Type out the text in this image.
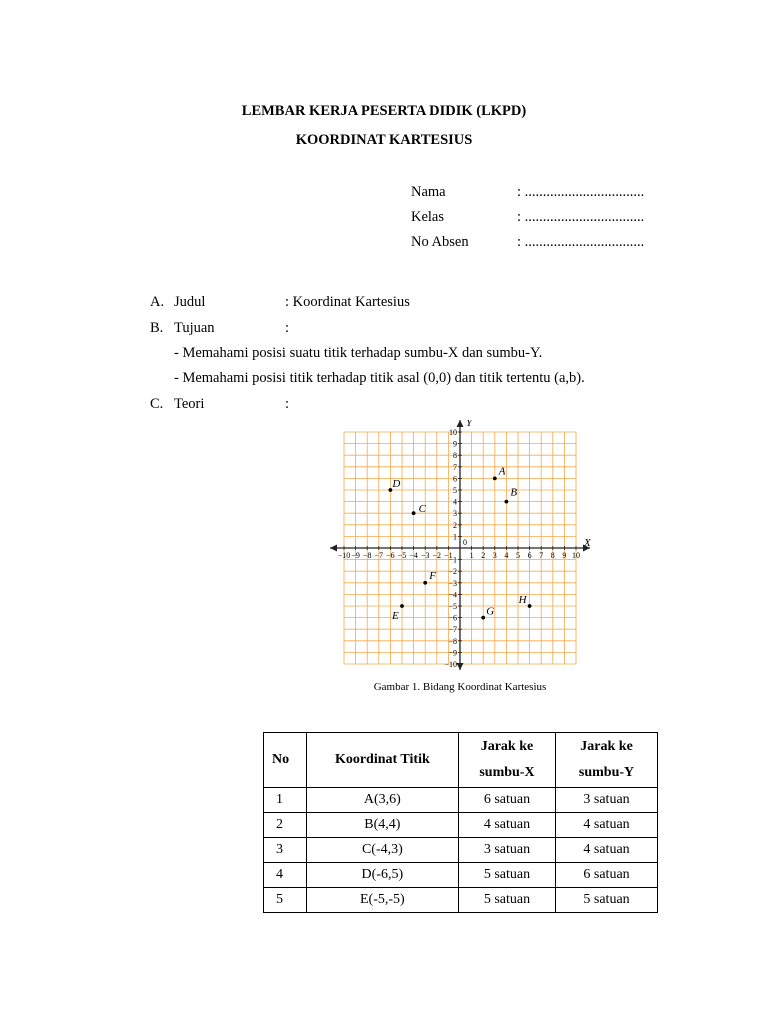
LEMBAR KERJA PESERTA DIDIK (LKPD)
KOORDINAT KARTESIUS
Nama	: .................................
Kelas	: .................................
No Absen	: .................................
A. Judul	: Koordinat Kartesius
B. Tujuan	:
- Memahami posisi suatu titik terhadap sumbu-X dan sumbu-Y.
- Memahami posisi titik terhadap titik asal (0,0) dan titik tertentu (a,b).
C. Teori	:
X
Y
0
−10 −9 −8 −7 −6 −5 −4 −3 −2 −1 1 2 3 4 5 6 7 8 9 10
−10
−9
−8
−7
−6
−5
−4
−3
−2
−1
1
2
3
4
5
6
7
8
9
10
A
B
C
D
E
F
G
H
Gambar 1. Bidang Koordinat Kartesius
No	Koordinat Titik	Jarak ke sumbu-X	Jarak ke sumbu-Y
1	A(3,6)	6 satuan	3 satuan
2	B(4,4)	4 satuan	4 satuan
3	C(-4,3)	3 satuan	4 satuan
4	D(-6,5)	5 satuan	6 satuan
5	E(-5,-5)	5 satuan	5 satuan
